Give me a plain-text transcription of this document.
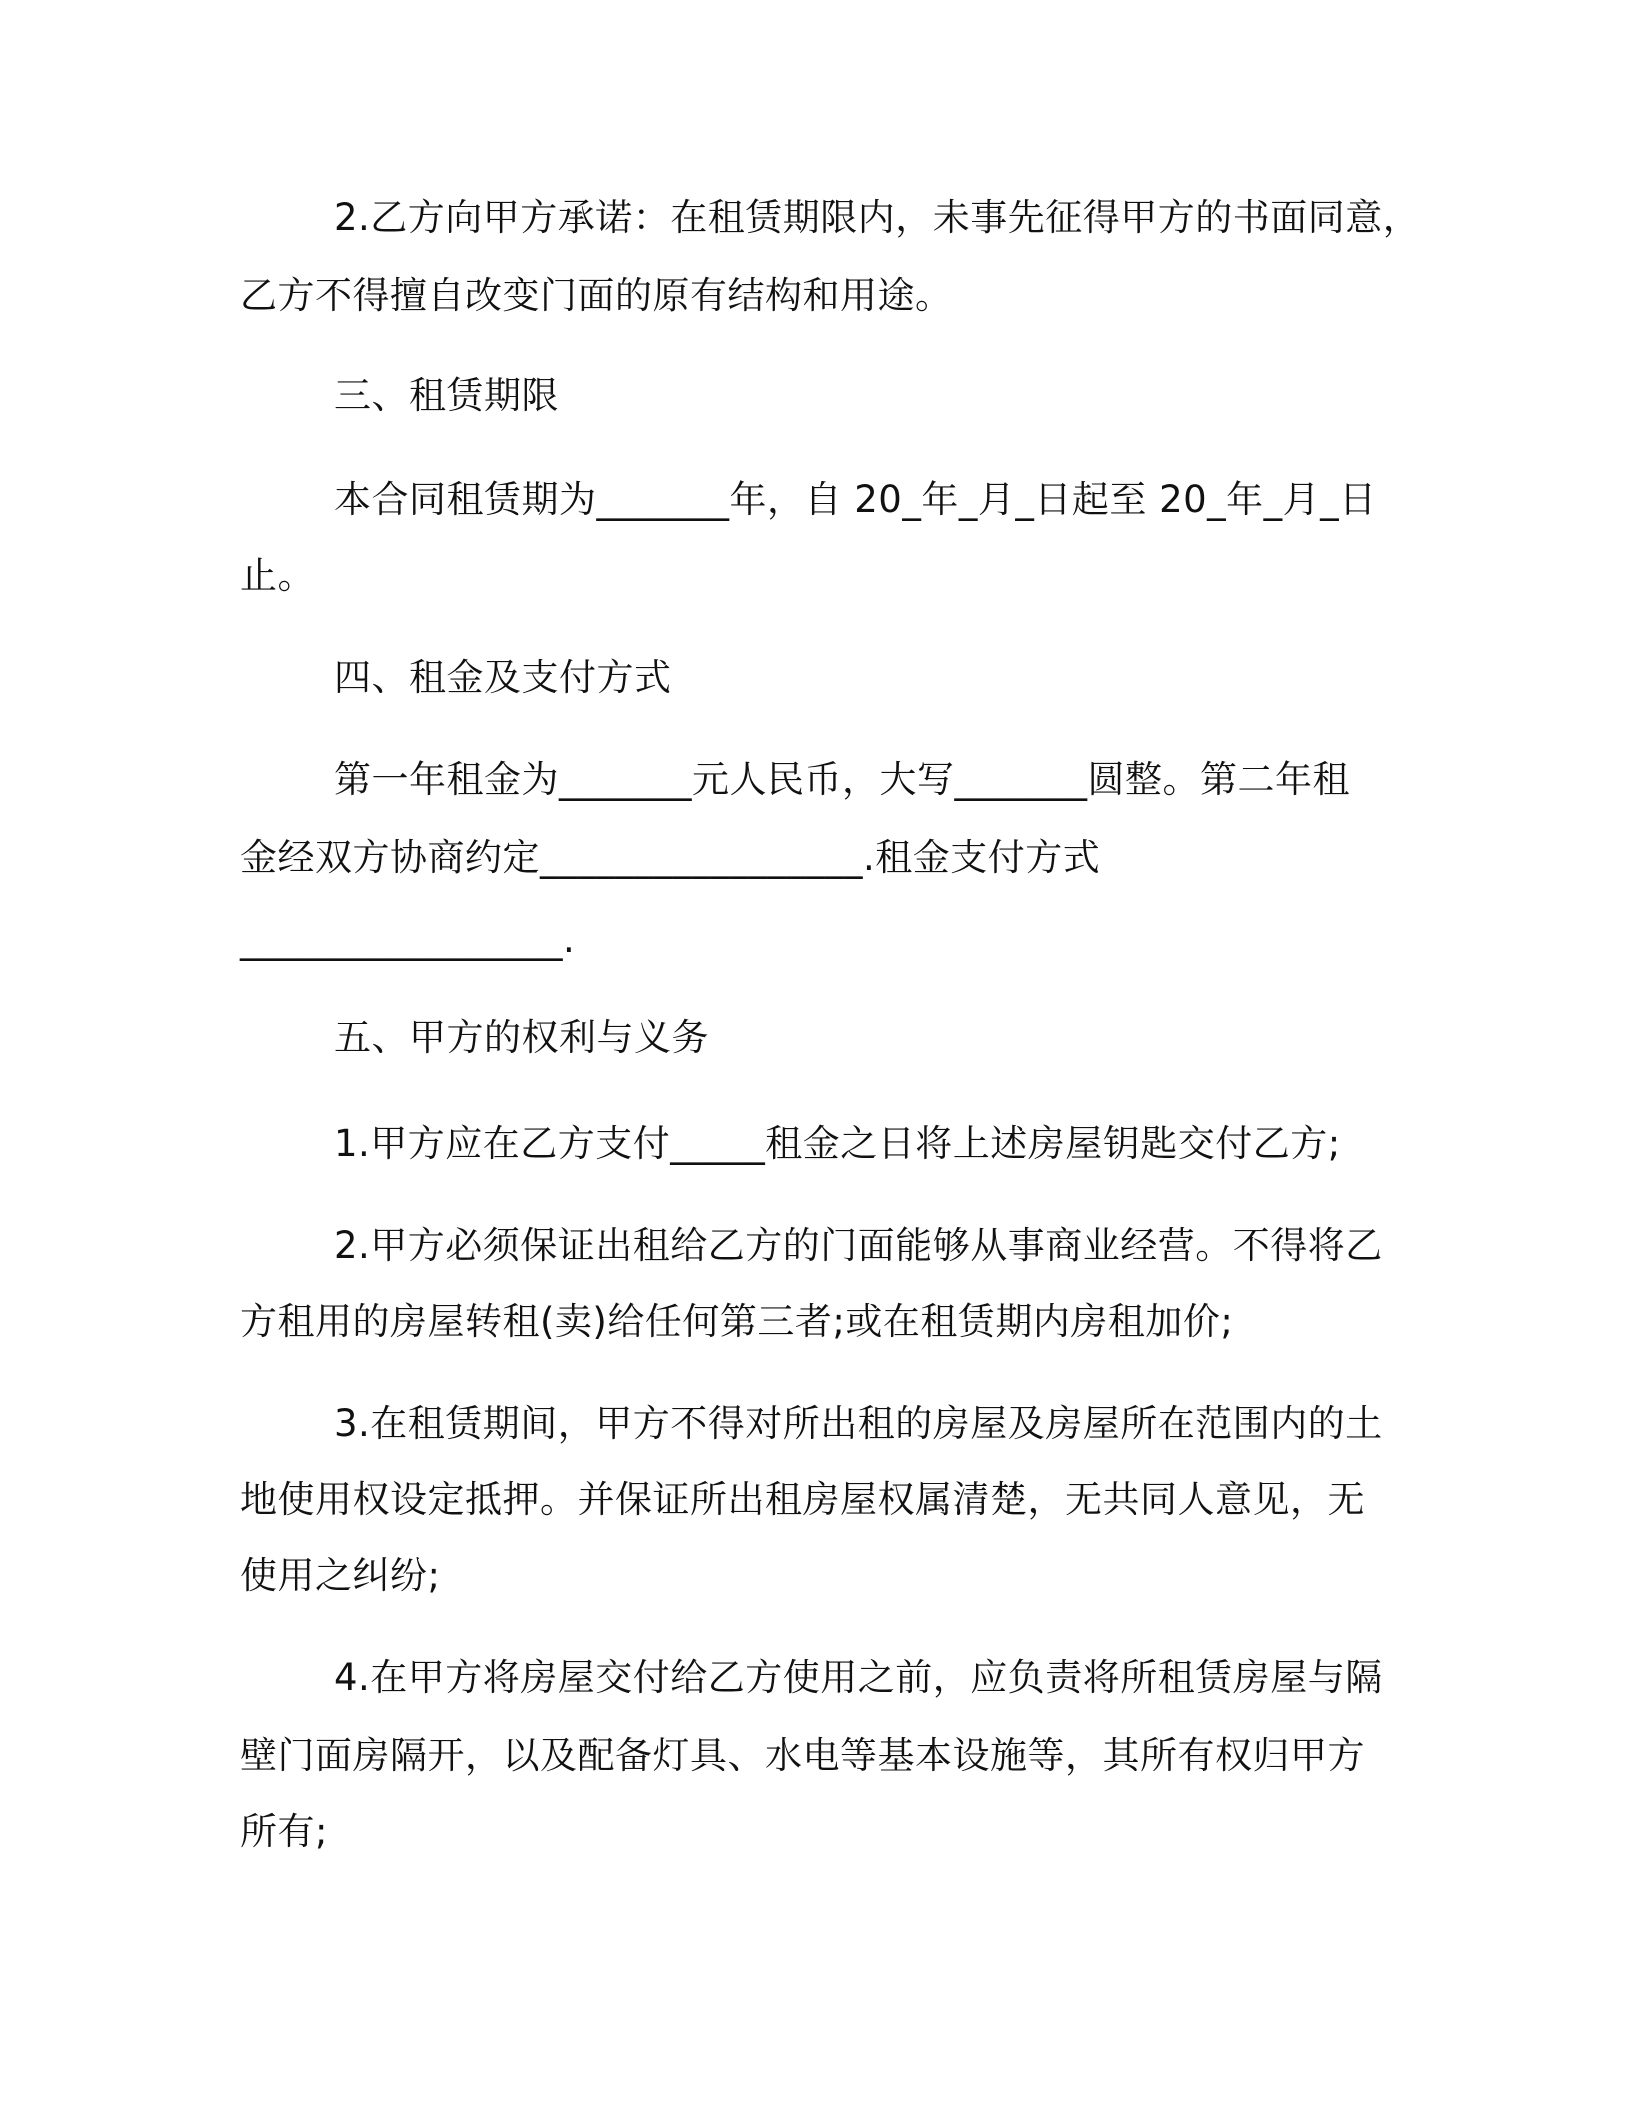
2.乙方向甲方承诺：在租赁期限内，未事先征得甲方的书面同意，
乙方不得擅自改变门面的原有结构和用途。
三、租赁期限
本合同租赁期为_______年，自 20_年_月_日起至 20_年_月_日
止。
四、租金及支付方式
第一年租金为_______元人民币，大写_______圆整。第二年租
金经双方协商约定_________________.租金支付方式
_________________.
五、甲方的权利与义务
1.甲方应在乙方支付_____租金之日将上述房屋钥匙交付乙方;
2.甲方必须保证出租给乙方的门面能够从事商业经营。不得将乙
方租用的房屋转租(卖)给任何第三者;或在租赁期内房租加价;
3.在租赁期间，甲方不得对所出租的房屋及房屋所在范围内的土
地使用权设定抵押。并保证所出租房屋权属清楚，无共同人意见，无
使用之纠纷;
4.在甲方将房屋交付给乙方使用之前，应负责将所租赁房屋与隔
壁门面房隔开，以及配备灯具、水电等基本设施等，其所有权归甲方
所有;
